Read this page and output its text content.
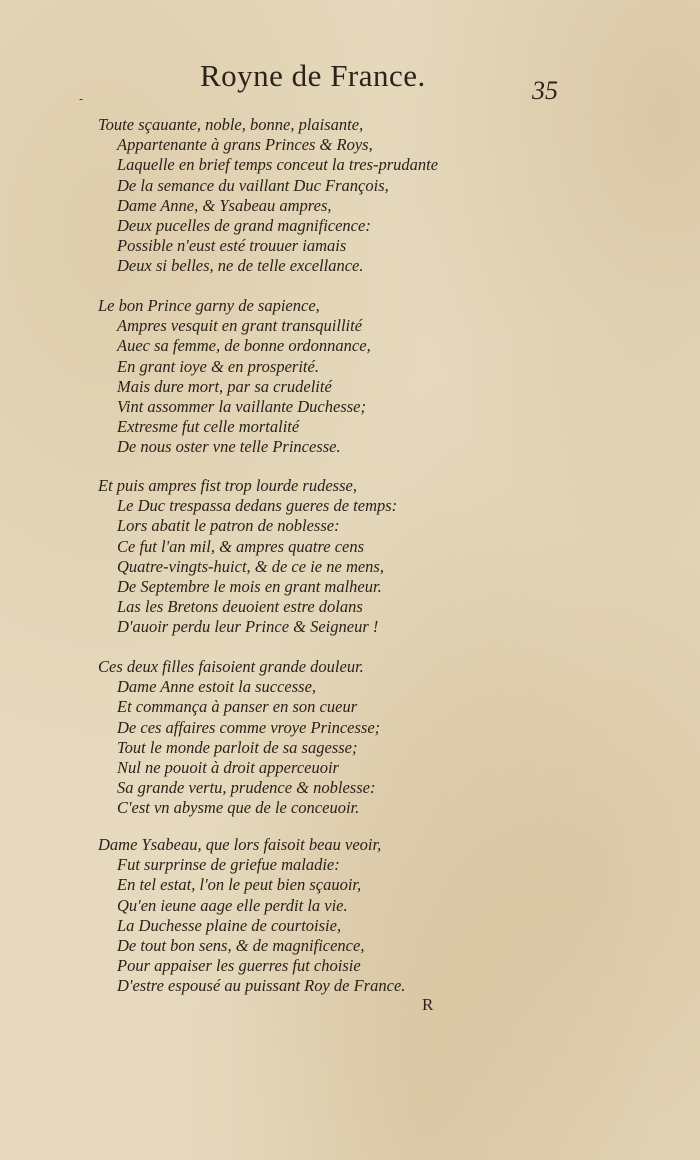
-
Royne de France.	35
Toute sçauante, noble, bonne, plaisante,
Appartenante à grans Princes & Roys,
Laquelle en brief temps conceut la tres-prudante
De la semance du vaillant Duc François,
Dame Anne, & Ysabeau ampres,
Deux pucelles de grand magnificence:
Possible n'eust esté trouuer iamais
Deux si belles, ne de telle excellance.
Le bon Prince garny de sapience,
Ampres vesquit en grant transquillité
Auec sa femme, de bonne ordonnance,
En grant ioye & en prosperité.
Mais dure mort, par sa crudelité
Vint assommer la vaillante Duchesse;
Extresme fut celle mortalité
De nous oster vne telle Princesse.
Et puis ampres fist trop lourde rudesse,
Le Duc trespassa dedans gueres de temps:
Lors abatit le patron de noblesse:
Ce fut l'an mil, & ampres quatre cens
Quatre-vingts-huict, & de ce ie ne mens,
De Septembre le mois en grant malheur.
Las les Bretons deuoient estre dolans
D'auoir perdu leur Prince & Seigneur !
Ces deux filles faisoient grande douleur.
Dame Anne estoit la successe,
Et commança à panser en son cueur
De ces affaires comme vroye Princesse;
Tout le monde parloit de sa sagesse;
Nul ne pouoit à droit apperceuoir
Sa grande vertu, prudence & noblesse:
C'est vn abysme que de le conceuoir.
Dame Ysabeau, que lors faisoit beau veoir,
Fut surprinse de griefue maladie:
En tel estat, l'on le peut bien sçauoir,
Qu'en ieune aage elle perdit la vie.
La Duchesse plaine de courtoisie,
De tout bon sens, & de magnificence,
Pour appaiser les guerres fut choisie
D'estre espousé au puissant Roy de France.
R
